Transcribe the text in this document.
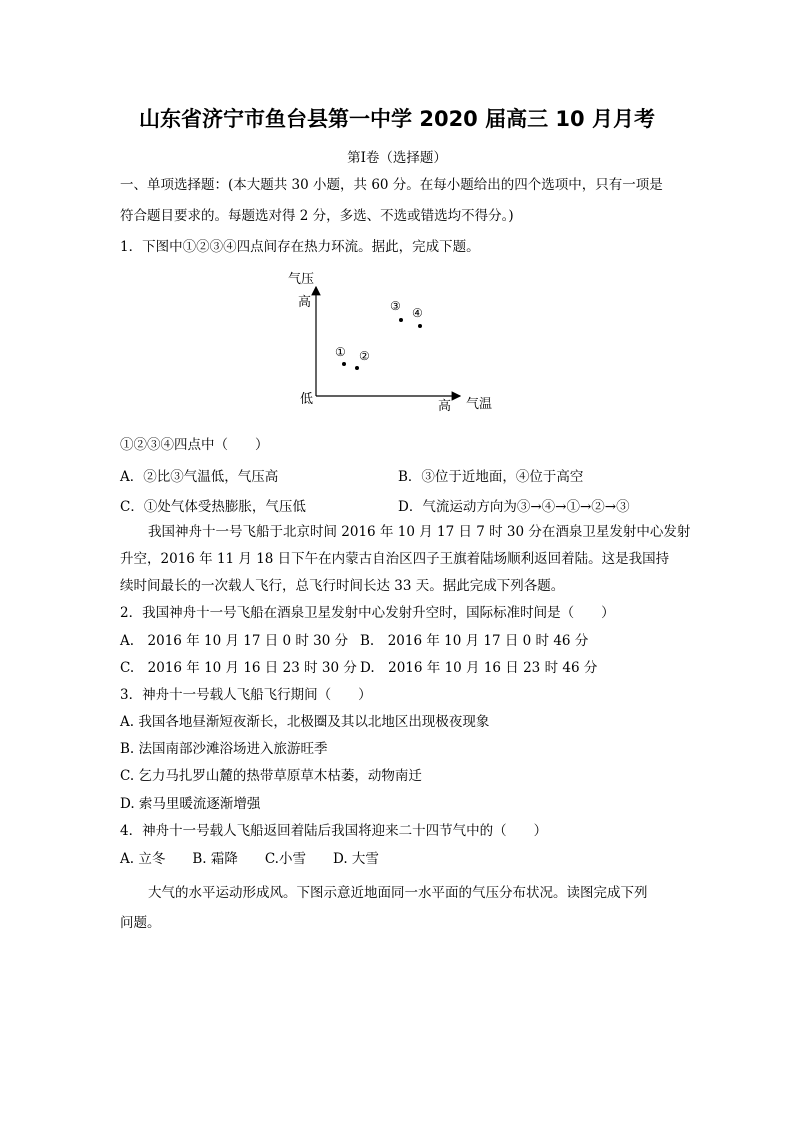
山东省济宁市鱼台县第一中学 2020 届高三 10 月月考
第Ⅰ卷（选择题）
一、单项选择题：(本大题共 30 小题，共 60 分。在每小题给出的四个选项中，只有一项是
符合题目要求的。每题选对得 2 分，多选、不选或错选均不得分。)
1．下图中①②③④四点间存在热力环流。据此，完成下题。
气压
高
低	高 气温
① ②
③ ④
①②③④四点中（　　）
A．②比③气温低，气压高	B．③位于近地面，④位于高空
C．①处气体受热膨胀，气压低	D．气流运动方向为③→④→①→②→③
我国神舟十一号飞船于北京时间 2016 年 10 月 17 日 7 时 30 分在酒泉卫星发射中心发射
升空，2016 年 11 月 18 日下午在内蒙古自治区四子王旗着陆场顺利返回着陆。这是我国持
续时间最长的一次载人飞行，总飞行时间长达 33 天。据此完成下列各题。
2．我国神舟十一号飞船在酒泉卫星发射中心发射升空时，国际标准时间是（　　）
A.　2016 年 10 月 17 日 0 时 30 分 B.　2016 年 10 月 17 日 0 时 46 分
C.　2016 年 10 月 16 日 23 时 30 分 D.　2016 年 10 月 16 日 23 时 46 分
3．神舟十一号载人飞船飞行期间（　　）
A. 我国各地昼渐短夜渐长，北极圈及其以北地区出现极夜现象
B. 法国南部沙滩浴场进入旅游旺季
C. 乞力马扎罗山麓的热带草原草木枯萎，动物南迁
D. 索马里暖流逐渐增强
4．神舟十一号载人飞船返回着陆后我国将迎来二十四节气中的（　　）
A. 立冬　　B. 霜降　　C.小雪　　D. 大雪
大气的水平运动形成风。下图示意近地面同一水平面的气压分布状况。读图完成下列
问题。
